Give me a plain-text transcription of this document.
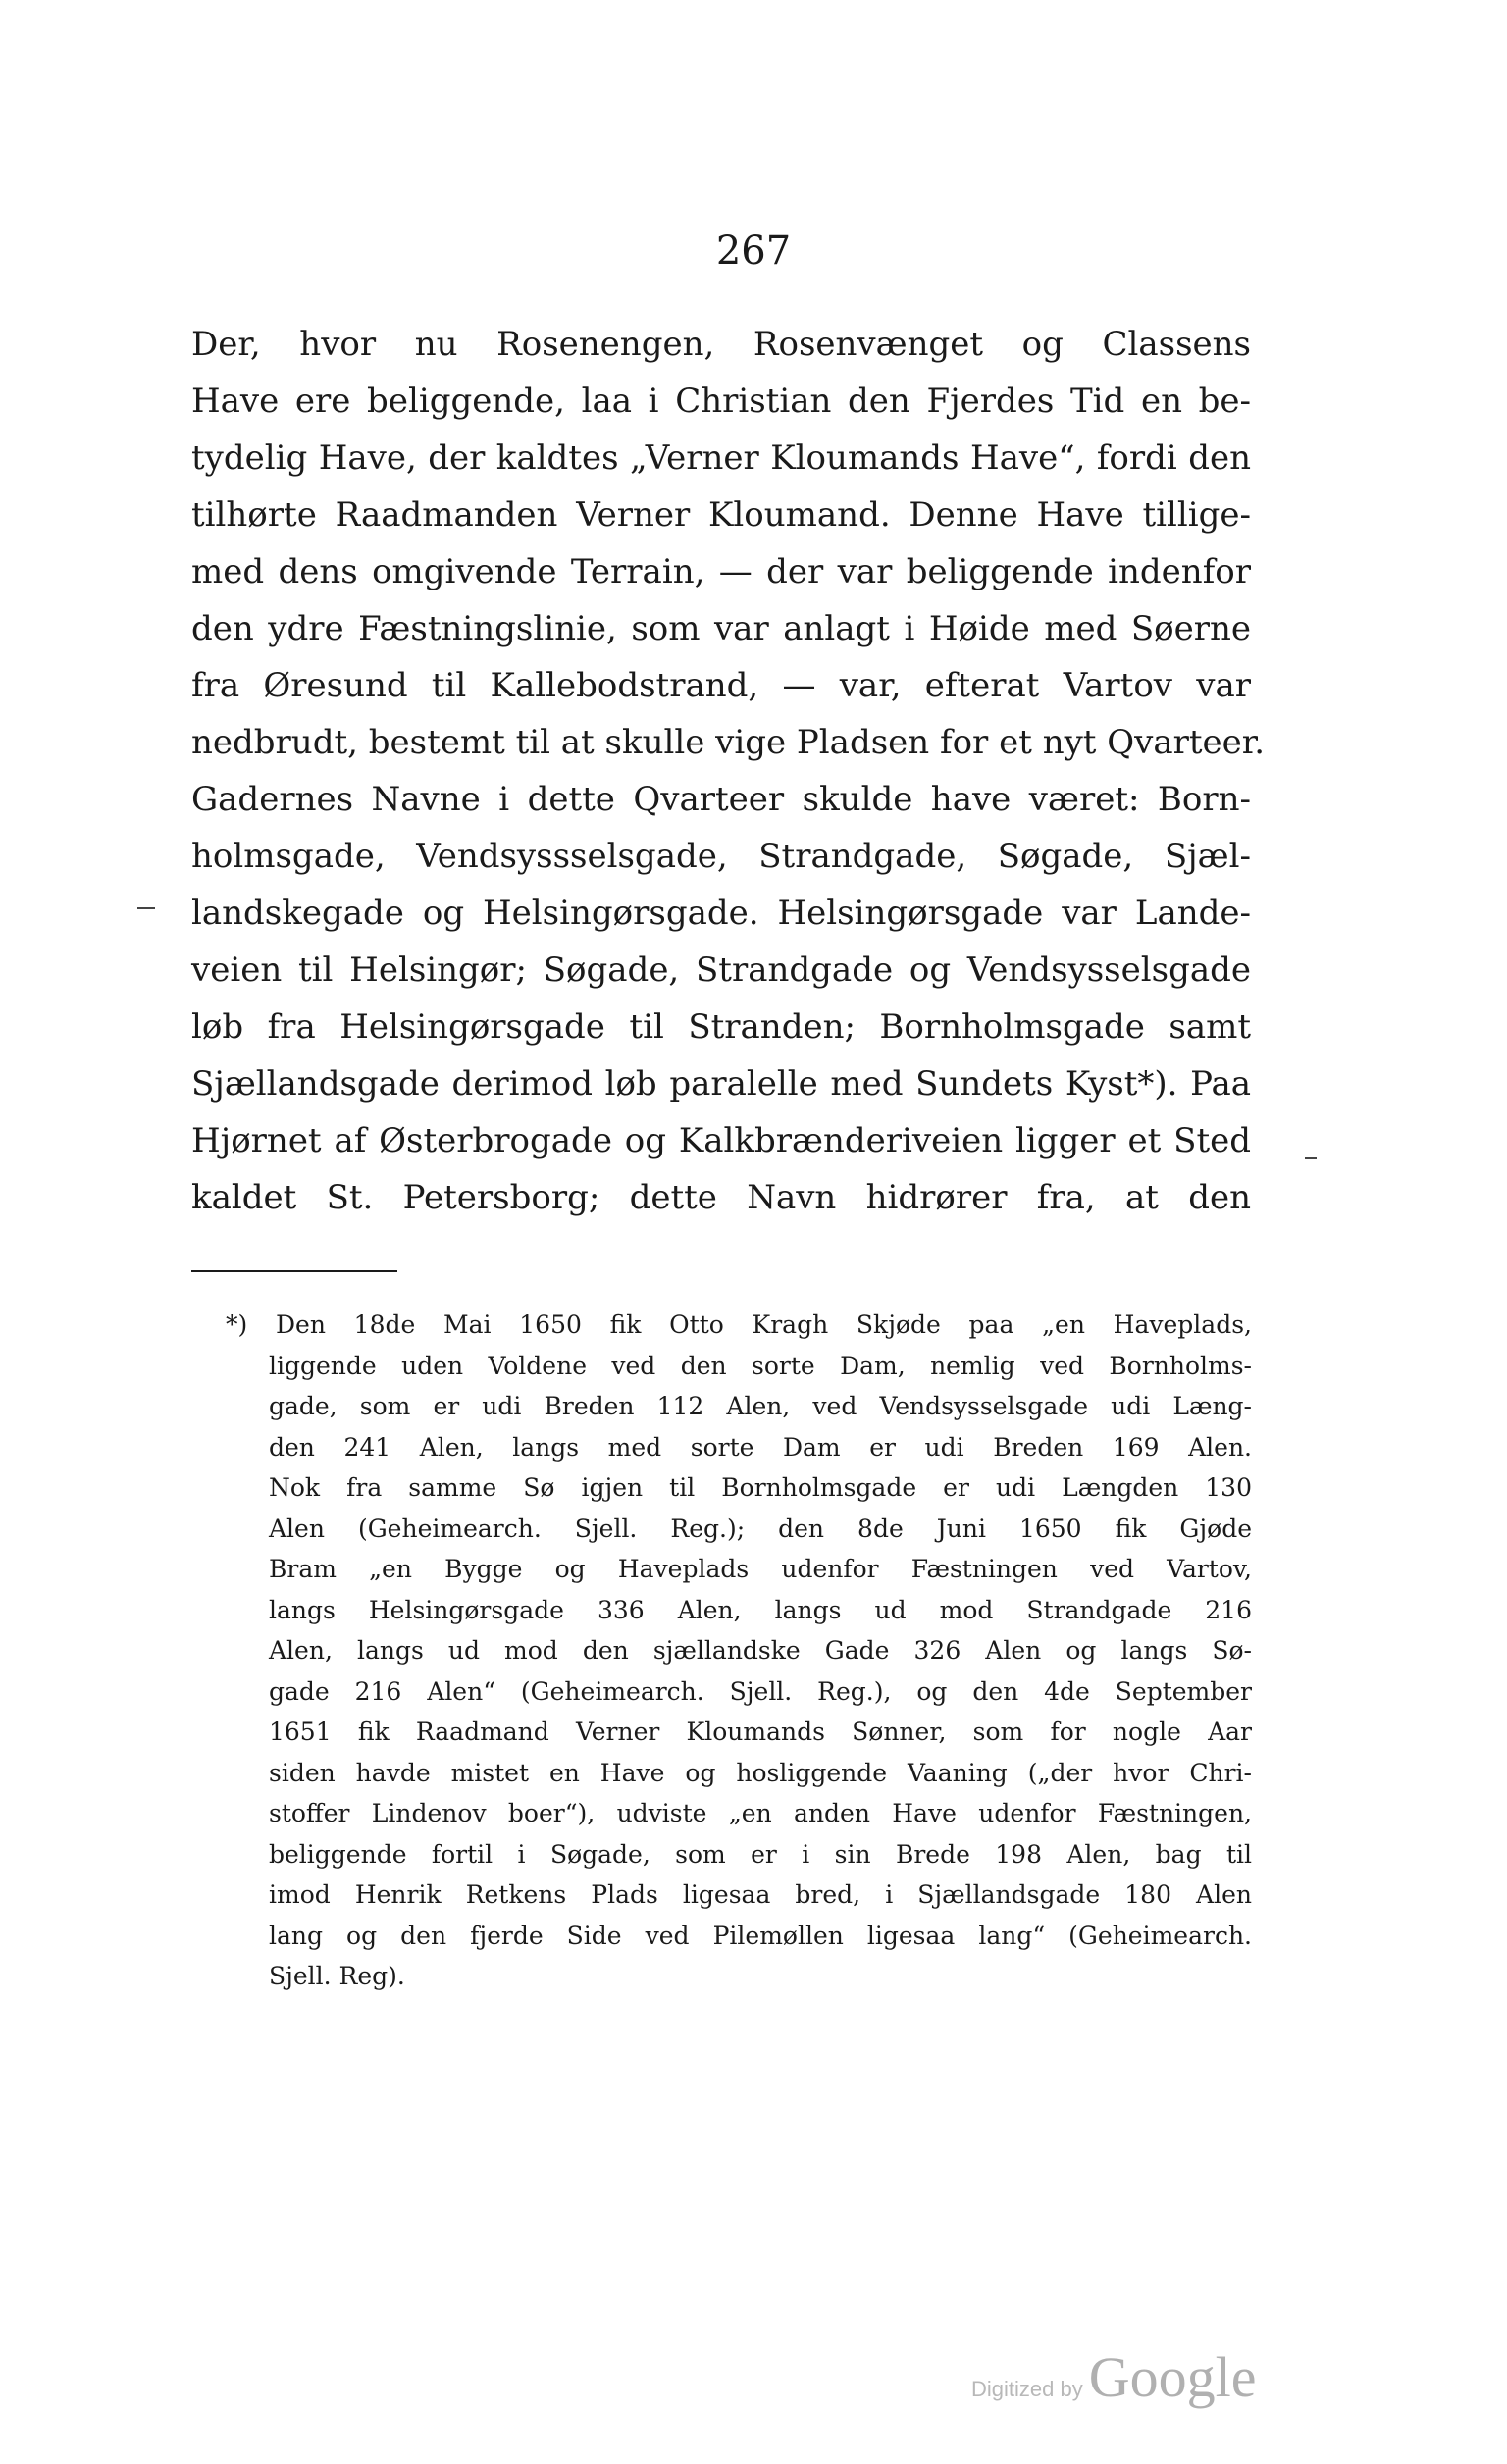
267
Der, hvor nu Rosenengen, Rosenvænget og Classens
Have ere beliggende, laa i Christian den Fjerdes Tid en be-
tydelig Have, der kaldtes „Verner Kloumands Have“, fordi den
tilhørte Raadmanden Verner Kloumand. Denne Have tillige-
med dens omgivende Terrain, — der var beliggende indenfor
den ydre Fæstningslinie, som var anlagt i Høide med Søerne
fra Øresund til Kallebodstrand, — var, efterat Vartov var
nedbrudt, bestemt til at skulle vige Pladsen for et nyt Qvarteer.
Gadernes Navne i dette Qvarteer skulde have været: Born-
holmsgade, Vendsyssselsgade, Strandgade, Søgade, Sjæl-
landskegade og Helsingørsgade. Helsingørsgade var Lande-
veien til Helsingør; Søgade, Strandgade og Vendsysselsgade
løb fra Helsingørsgade til Stranden; Bornholmsgade samt
Sjællandsgade derimod løb paralelle med Sundets Kyst*). Paa
Hjørnet af Østerbrogade og Kalkbrænderiveien ligger et Sted
kaldet St. Petersborg; dette Navn hidrører fra, at den
*) Den 18de Mai 1650 fik Otto Kragh Skjøde paa „en Haveplads,
liggende uden Voldene ved den sorte Dam, nemlig ved Bornholms-
gade, som er udi Breden 112 Alen, ved Vendsysselsgade udi Læng-
den 241 Alen, langs med sorte Dam er udi Breden 169 Alen.
Nok fra samme Sø igjen til Bornholmsgade er udi Længden 130
Alen (Geheimearch. Sjell. Reg.); den 8de Juni 1650 fik Gjøde
Bram „en Bygge og Haveplads udenfor Fæstningen ved Vartov,
langs Helsingørsgade 336 Alen, langs ud mod Strandgade 216
Alen, langs ud mod den sjællandske Gade 326 Alen og langs Sø-
gade 216 Alen“ (Geheimearch. Sjell. Reg.), og den 4de September
1651 fik Raadmand Verner Kloumands Sønner, som for nogle Aar
siden havde mistet en Have og hosliggende Vaaning („der hvor Chri-
stoffer Lindenov boer“), udviste „en anden Have udenfor Fæstningen,
beliggende fortil i Søgade, som er i sin Brede 198 Alen, bag til
imod Henrik Retkens Plads ligesaa bred, i Sjællandsgade 180 Alen
lang og den fjerde Side ved Pilemøllen ligesaa lang“ (Geheimearch.
Sjell. Reg).
Digitized by Google
